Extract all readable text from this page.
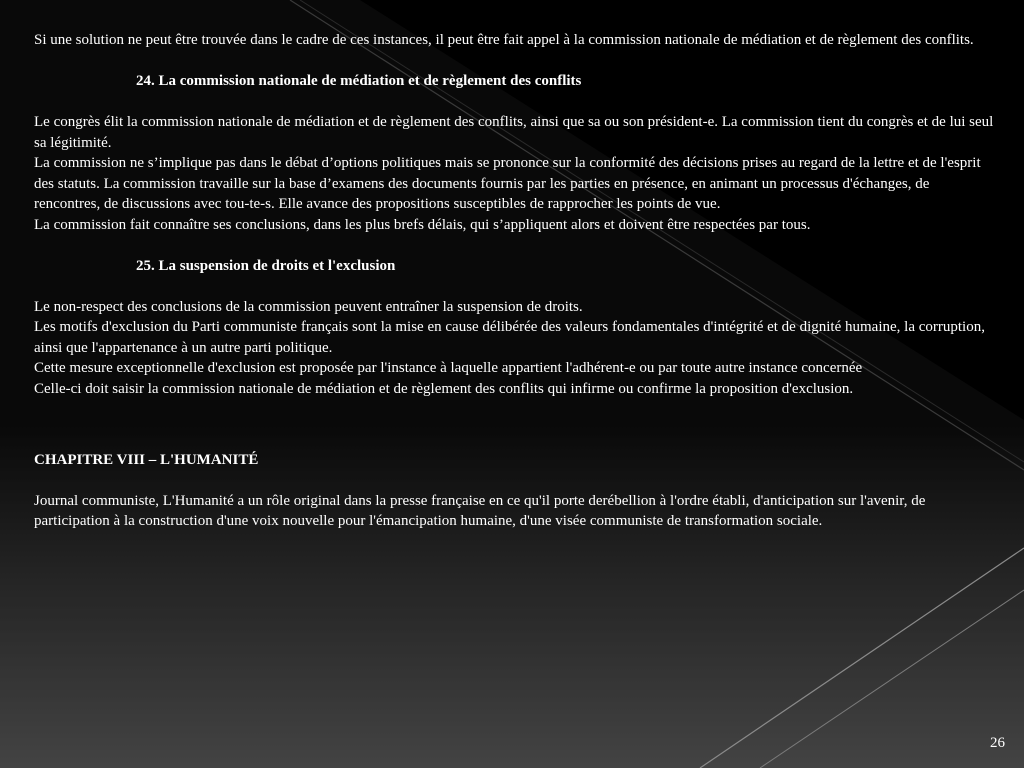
Si une solution ne peut être trouvée dans le cadre de ces instances, il peut être fait appel à la commission nationale de médiation et de règlement des conflits.

24. La commission nationale de médiation et de règlement des conflits

Le congrès élit la commission nationale de médiation et de règlement des conflits, ainsi que sa ou son président-e. La commission tient du congrès et de lui seul sa légitimité.

La commission ne s’implique pas dans le débat d’options politiques mais se prononce sur la conformité des décisions prises au regard de la lettre et de l'esprit des statuts. La commission travaille sur la base d’examens des documents fournis par les parties en présence, en animant un processus d'échanges, de rencontres, de discussions avec tou-te-s. Elle avance des propositions susceptibles de rapprocher les points de vue.

La commission fait connaître ses conclusions, dans les plus brefs délais, qui s’appliquent alors et doivent être respectées par tous.

25. La suspension de droits et l'exclusion

Le non-respect des conclusions de la commission peuvent entraîner la suspension de droits.

Les motifs d'exclusion du Parti communiste français sont la mise en cause délibérée des valeurs fondamentales d'intégrité et de dignité humaine, la corruption, ainsi que l'appartenance à un autre parti politique.

Cette mesure exceptionnelle d'exclusion est proposée par l'instance à laquelle appartient l'adhérent-e ou par toute autre instance concernée

Celle-ci doit saisir la commission nationale de médiation et de règlement des conflits qui infirme ou confirme la proposition d'exclusion.

CHAPITRE VIII – L'HUMANITÉ

Journal communiste, L'Humanité a un rôle original dans la presse française en ce qu'il porte derébellion à l'ordre établi, d'anticipation sur l'avenir, de participation à la construction d'une voix nouvelle pour l'émancipation humaine, d'une visée communiste de transformation sociale.

26
